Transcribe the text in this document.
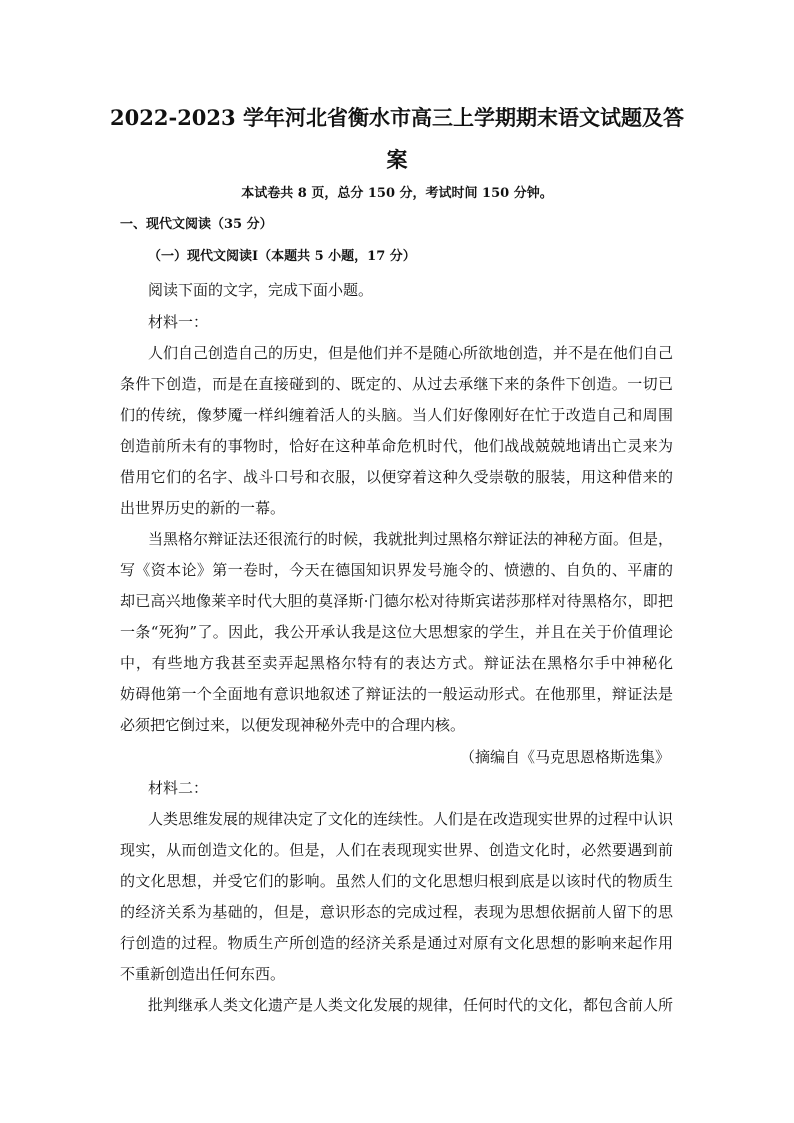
2022-2023 学年河北省衡水市高三上学期期末语文试题及答
案
本试卷共 8 页，总分 150 分，考试时间 150 分钟。
一、现代文阅读（35 分）
（一）现代文阅读Ⅰ（本题共 5 小题，17 分）
阅读下面的文字，完成下面小题。
材料一：
人们自己创造自己的历史，但是他们并不是随心所欲地创造，并不是在他们自己
条件下创造，而是在直接碰到的、既定的、从过去承继下来的条件下创造。一切已
们的传统，像梦魇一样纠缠着活人的头脑。当人们好像刚好在忙于改造自己和周围
创造前所未有的事物时，恰好在这种革命危机时代，他们战战兢兢地请出亡灵来为
借用它们的名字、战斗口号和衣服，以便穿着这种久受崇敬的服装，用这种借来的
出世界历史的新的一幕。
当黑格尔辩证法还很流行的时候，我就批判过黑格尔辩证法的神秘方面。但是，
写《资本论》第一卷时，今天在德国知识界发号施令的、愤懑的、自负的、平庸的
却已高兴地像莱辛时代大胆的莫泽斯·门德尔松对待斯宾诺莎那样对待黑格尔，即把
一条“死狗”了。因此，我公开承认我是这位大思想家的学生，并且在关于价值理论
中，有些地方我甚至卖弄起黑格尔特有的表达方式。辩证法在黑格尔手中神秘化
妨碍他第一个全面地有意识地叙述了辩证法的一般运动形式。在他那里，辩证法是
必须把它倒过来，以便发现神秘外壳中的合理内核。
（摘编自《马克思恩格斯选集》
材料二：
人类思维发展的规律决定了文化的连续性。人们是在改造现实世界的过程中认识
现实，从而创造文化的。但是，人们在表现现实世界、创造文化时，必然要遇到前
的文化思想，并受它们的影响。虽然人们的文化思想归根到底是以该时代的物质生
的经济关系为基础的，但是，意识形态的完成过程，表现为思想依据前人留下的思
行创造的过程。物质生产所创造的经济关系是通过对原有文化思想的影响来起作用
不重新创造出任何东西。
批判继承人类文化遗产是人类文化发展的规律，任何时代的文化，都包含前人所
